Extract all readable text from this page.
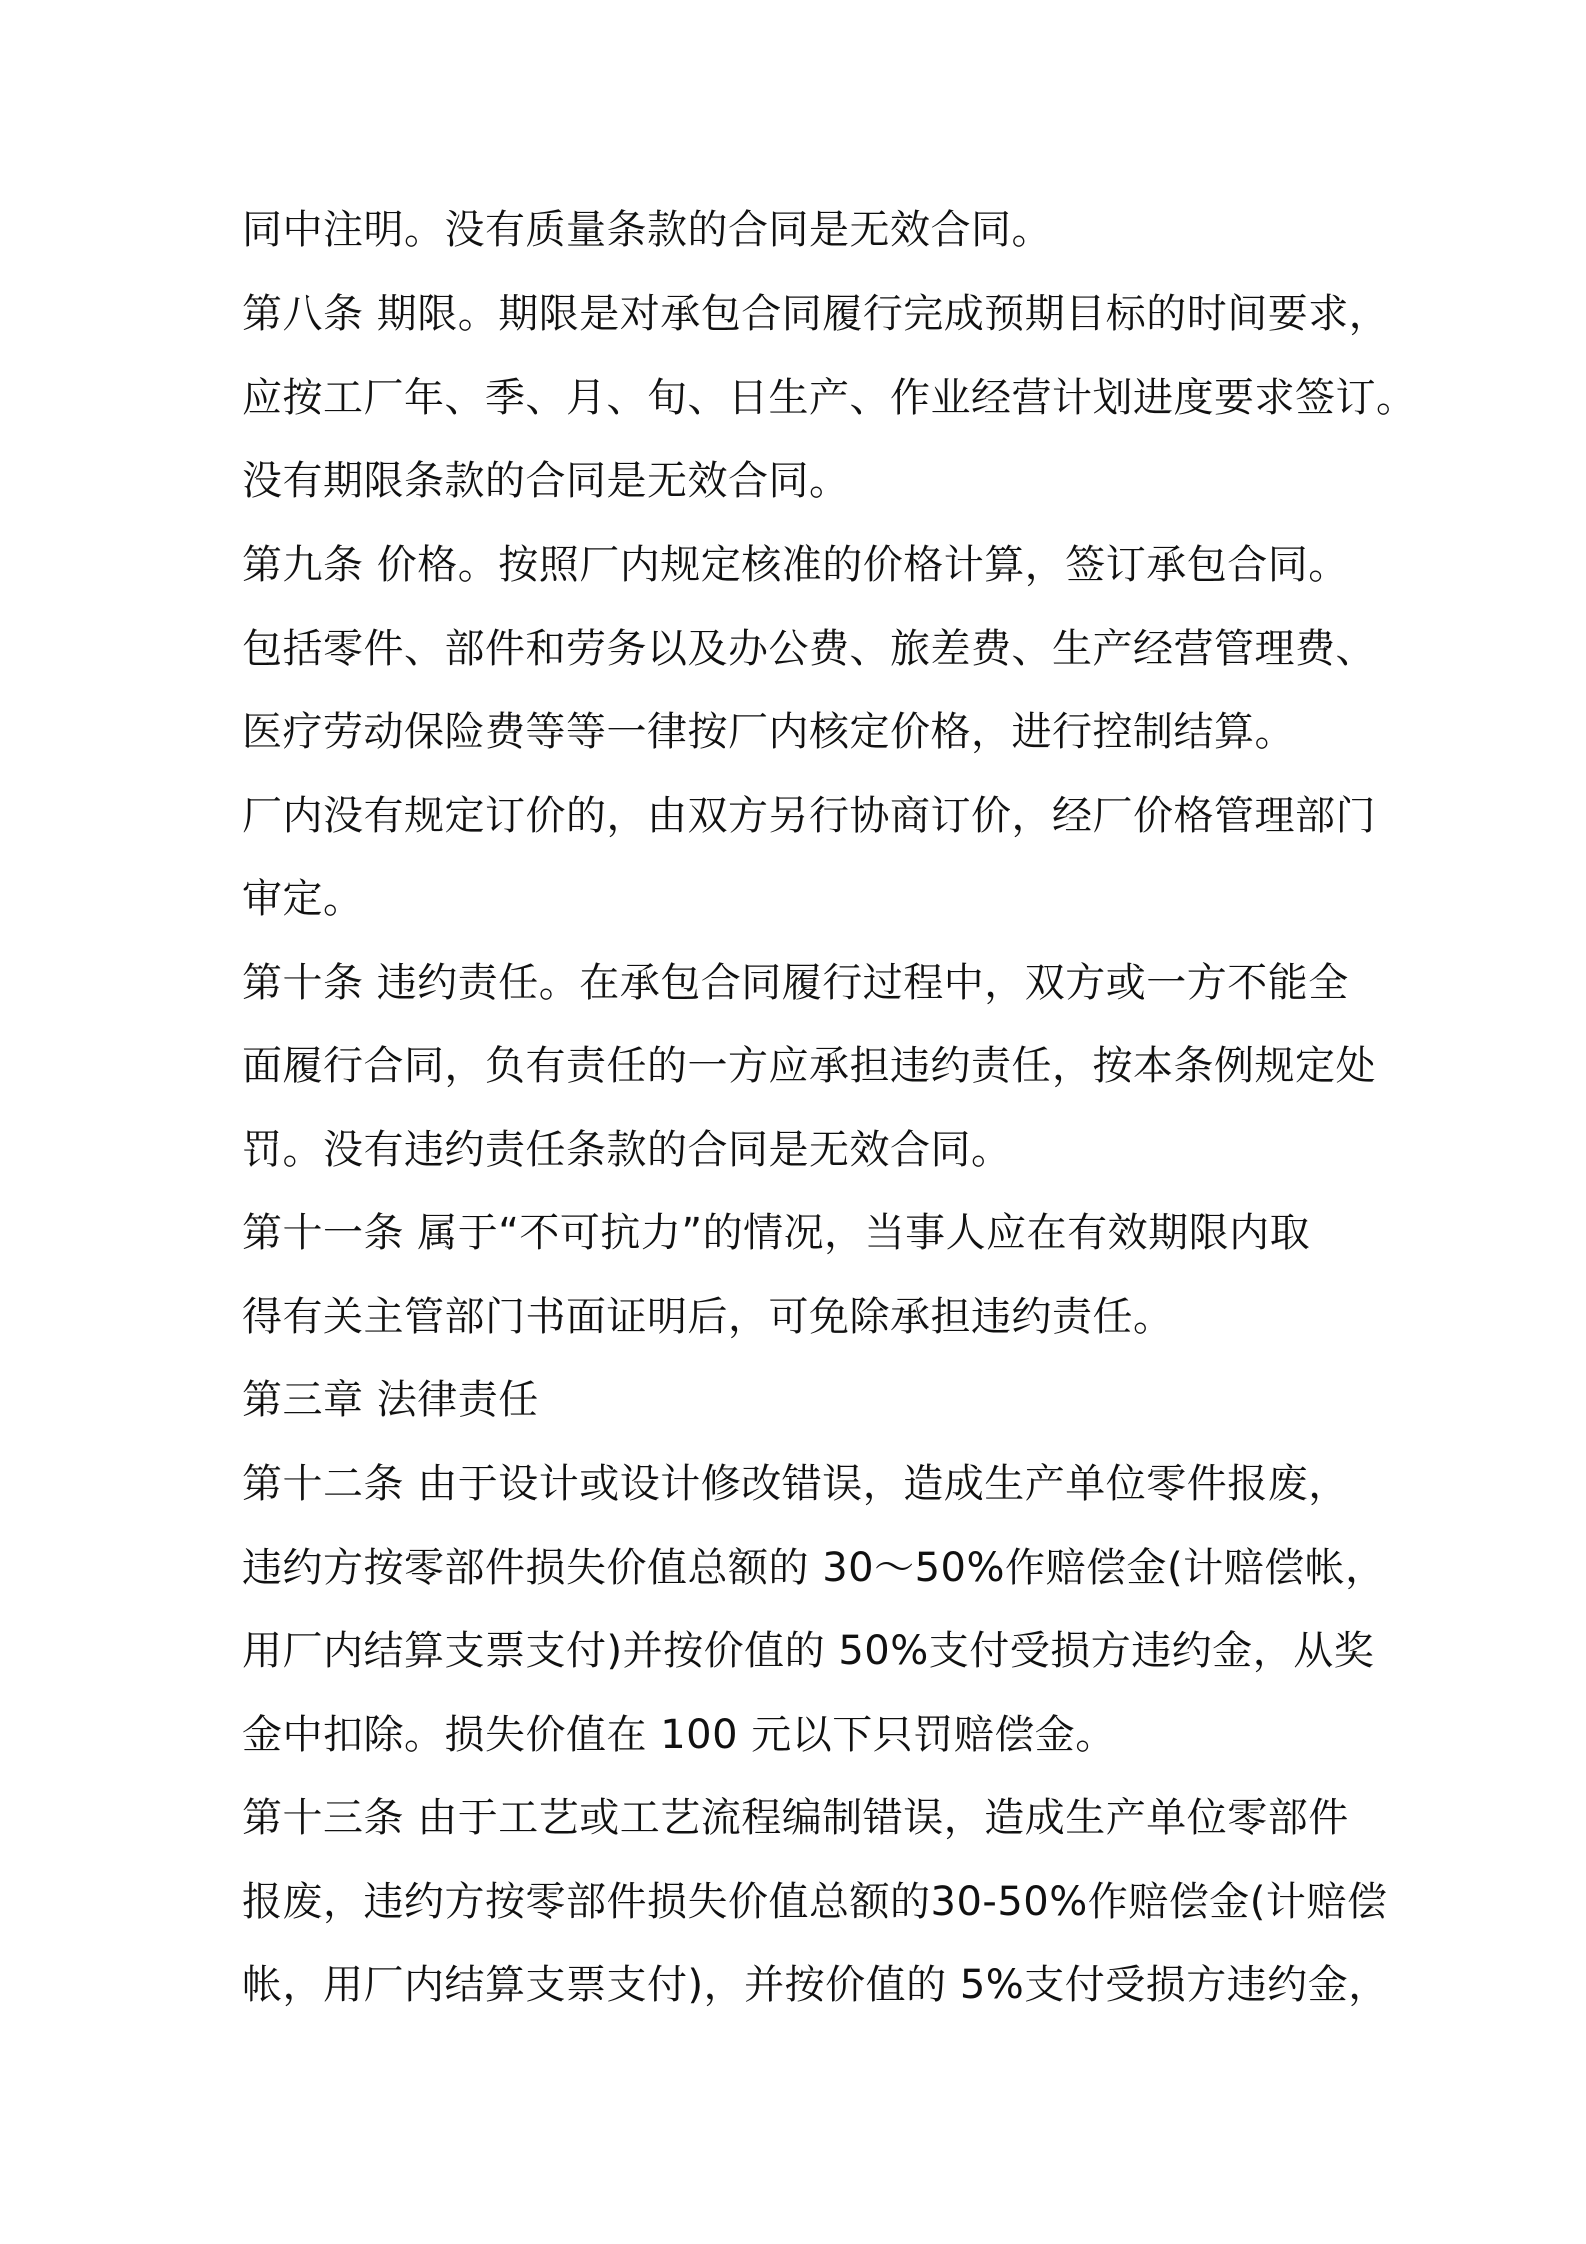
同中注明。没有质量条款的合同是无效合同。

第八条 期限。期限是对承包合同履行完成预期目标的时间要求，

应按工厂年、季、月、旬、日生产、作业经营计划进度要求签订。

没有期限条款的合同是无效合同。

第九条 价格。按照厂内规定核准的价格计算，签订承包合同。

包括零件、部件和劳务以及办公费、旅差费、生产经营管理费、

医疗劳动保险费等等一律按厂内核定价格，进行控制结算。

厂内没有规定订价的，由双方另行协商订价，经厂价格管理部门

审定。

第十条 违约责任。在承包合同履行过程中，双方或一方不能全

面履行合同，负有责任的一方应承担违约责任，按本条例规定处

罚。没有违约责任条款的合同是无效合同。

第十一条 属于“不可抗力”的情况，当事人应在有效期限内取

得有关主管部门书面证明后，可免除承担违约责任。

第三章 法律责任

第十二条 由于设计或设计修改错误，造成生产单位零件报废，

违约方按零部件损失价值总额的 30～50%作赔偿金(计赔偿帐，

用厂内结算支票支付)并按价值的 50%支付受损方违约金，从奖

金中扣除。损失价值在 100 元以下只罚赔偿金。

第十三条 由于工艺或工艺流程编制错误，造成生产单位零部件

报废，违约方按零部件损失价值总额的30-50%作赔偿金(计赔偿

帐，用厂内结算支票支付)，并按价值的 5%支付受损方违约金，
